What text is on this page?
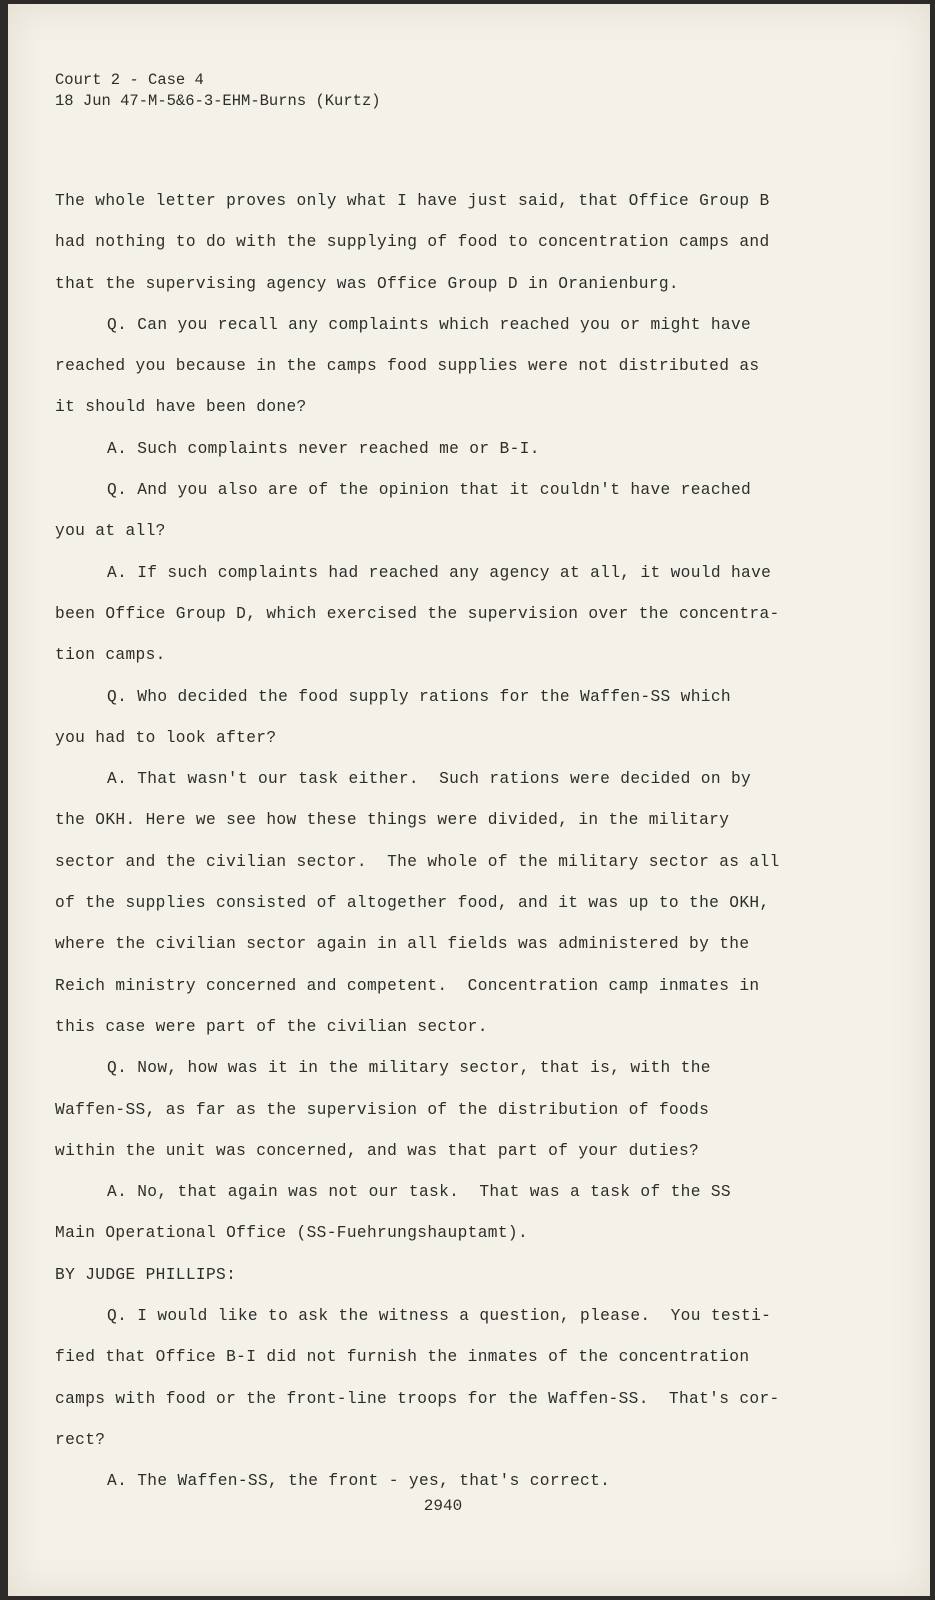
Court 2 - Case 4
18 Jun 47-M-5&6-3-EHM-Burns (Kurtz)
The whole letter proves only what I have just said, that Office Group B
had nothing to do with the supplying of food to concentration camps and
that the supervising agency was Office Group D in Oranienburg.
Q. Can you recall any complaints which reached you or might have
reached you because in the camps food supplies were not distributed as
it should have been done?
A. Such complaints never reached me or B-I.
Q. And you also are of the opinion that it couldn't have reached
you at all?
A. If such complaints had reached any agency at all, it would have
been Office Group D, which exercised the supervision over the concentra-
tion camps.
Q. Who decided the food supply rations for the Waffen-SS which
you had to look after?
A. That wasn't our task either.  Such rations were decided on by
the OKH. Here we see how these things were divided, in the military
sector and the civilian sector.  The whole of the military sector as all
of the supplies consisted of altogether food, and it was up to the OKH,
where the civilian sector again in all fields was administered by the
Reich ministry concerned and competent.  Concentration camp inmates in
this case were part of the civilian sector.
Q. Now, how was it in the military sector, that is, with the
Waffen-SS, as far as the supervision of the distribution of foods
within the unit was concerned, and was that part of your duties?
A. No, that again was not our task.  That was a task of the SS
Main Operational Office (SS-Fuehrungshauptamt).
BY JUDGE PHILLIPS:
Q. I would like to ask the witness a question, please.  You testi-
fied that Office B-I did not furnish the inmates of the concentration
camps with food or the front-line troops for the Waffen-SS.  That's cor-
rect?
A. The Waffen-SS, the front - yes, that's correct.
2940
